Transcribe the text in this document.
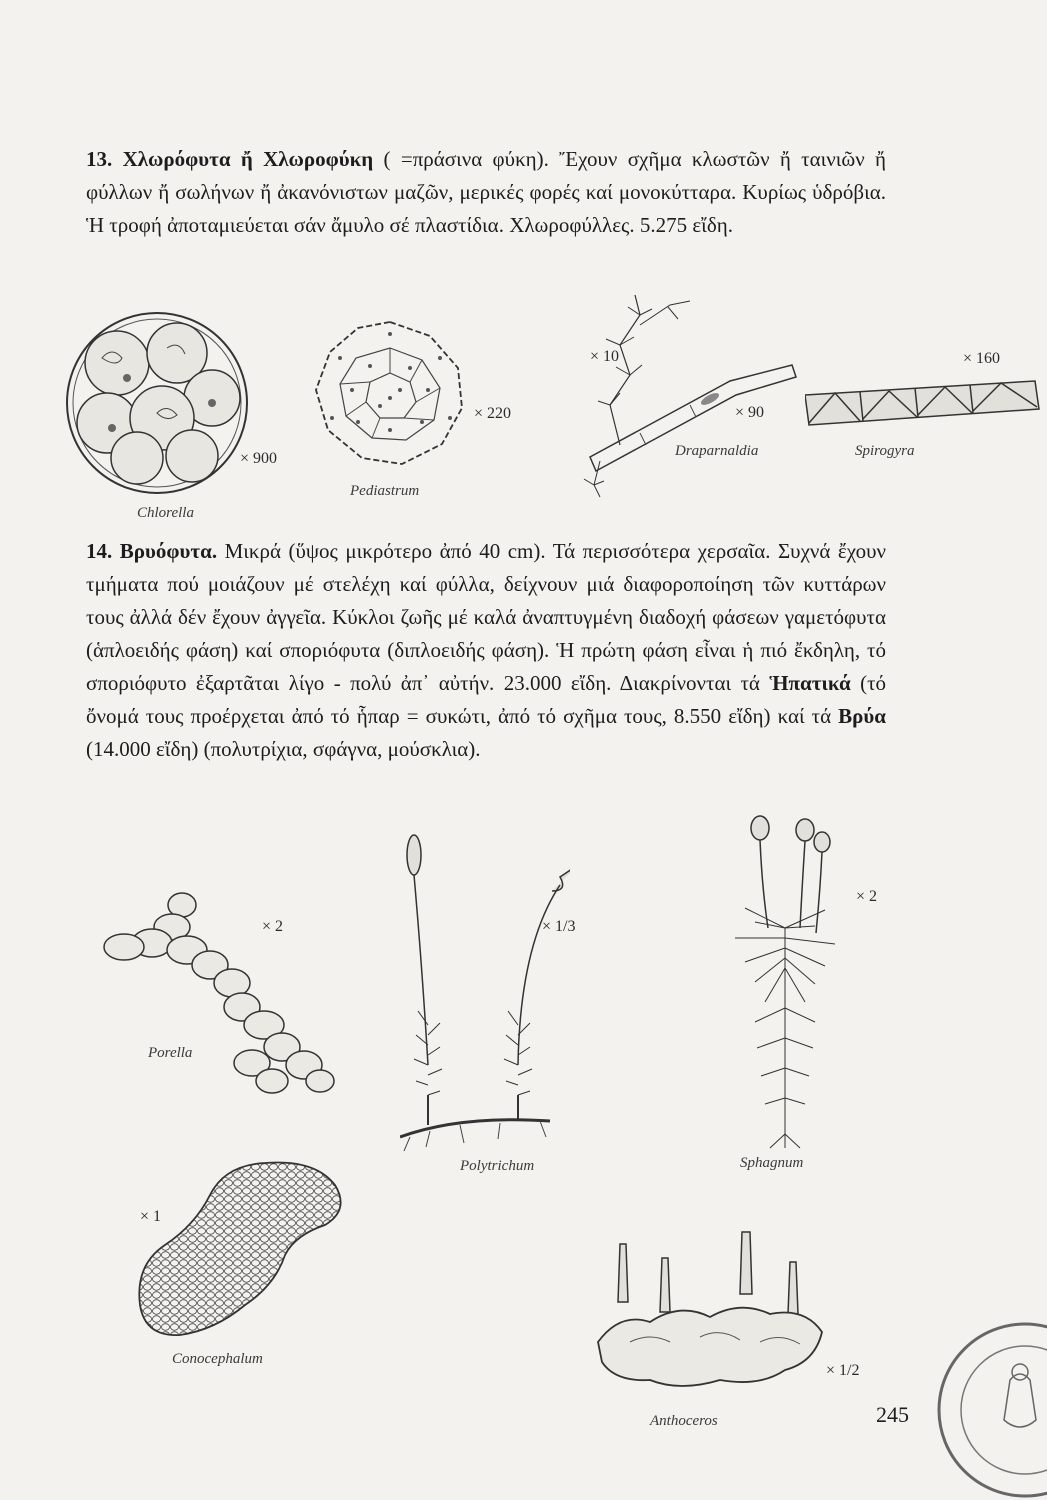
13. Χλωρόφυτα ἤ Χλωροφύκη ( =πράσινα φύκη). Ἔχουν σχῆμα κλωστῶν ἤ ταινιῶν ἤ φύλλων ἤ σωλήνων ἤ ἀκανόνιστων μαζῶν, μερικές φορές καί μονοκύτταρα. Κυρίως ὑδρόβια. Ἡ τροφή ἀποταμιεύεται σάν ἄμυλο σέ πλαστίδια. Χλωροφύλλες. 5.275 εἴδη.

× 900
Chlorella
× 220
Pediastrum
× 10
× 90
Draparnaldia
× 160
Spirogyra

14. Βρυόφυτα. Μικρά (ὕψος μικρότερο ἀπό 40 cm). Τά περισσότερα χερσαῖα. Συχνά ἔχουν τμήματα πού μοιάζουν μέ στελέχη καί φύλλα, δείχνουν μιά διαφοροποίηση τῶν κυττάρων τους ἀλλά δέν ἔχουν ἀγγεῖα. Κύκλοι ζωῆς μέ καλά ἀναπτυγμένη διαδοχή φάσεων γαμετόφυτα (ἁπλοειδής φάση) καί σποριόφυτα (διπλοειδής φάση). Ἡ πρώτη φάση εἶναι ἡ πιό ἔκδηλη, τό σποριόφυτο ἐξαρτᾶται λίγο - πολύ ἀπ᾽ αὐτήν. 23.000 εἴδη. Διακρίνονται τά Ἡπατικά (τό ὄνομά τους προέρχεται ἀπό τό ἧπαρ = συκώτι, ἀπό τό σχῆμα τους, 8.550 εἴδη) καί τά Βρύα (14.000 εἴδη) (πολυτρίχια, σφάγνα, μούσκλια).

× 2
Porella
× 1/3
Polytrichum
× 2
Sphagnum
× 1
Conocephalum
× 1/2
Anthoceros	245
